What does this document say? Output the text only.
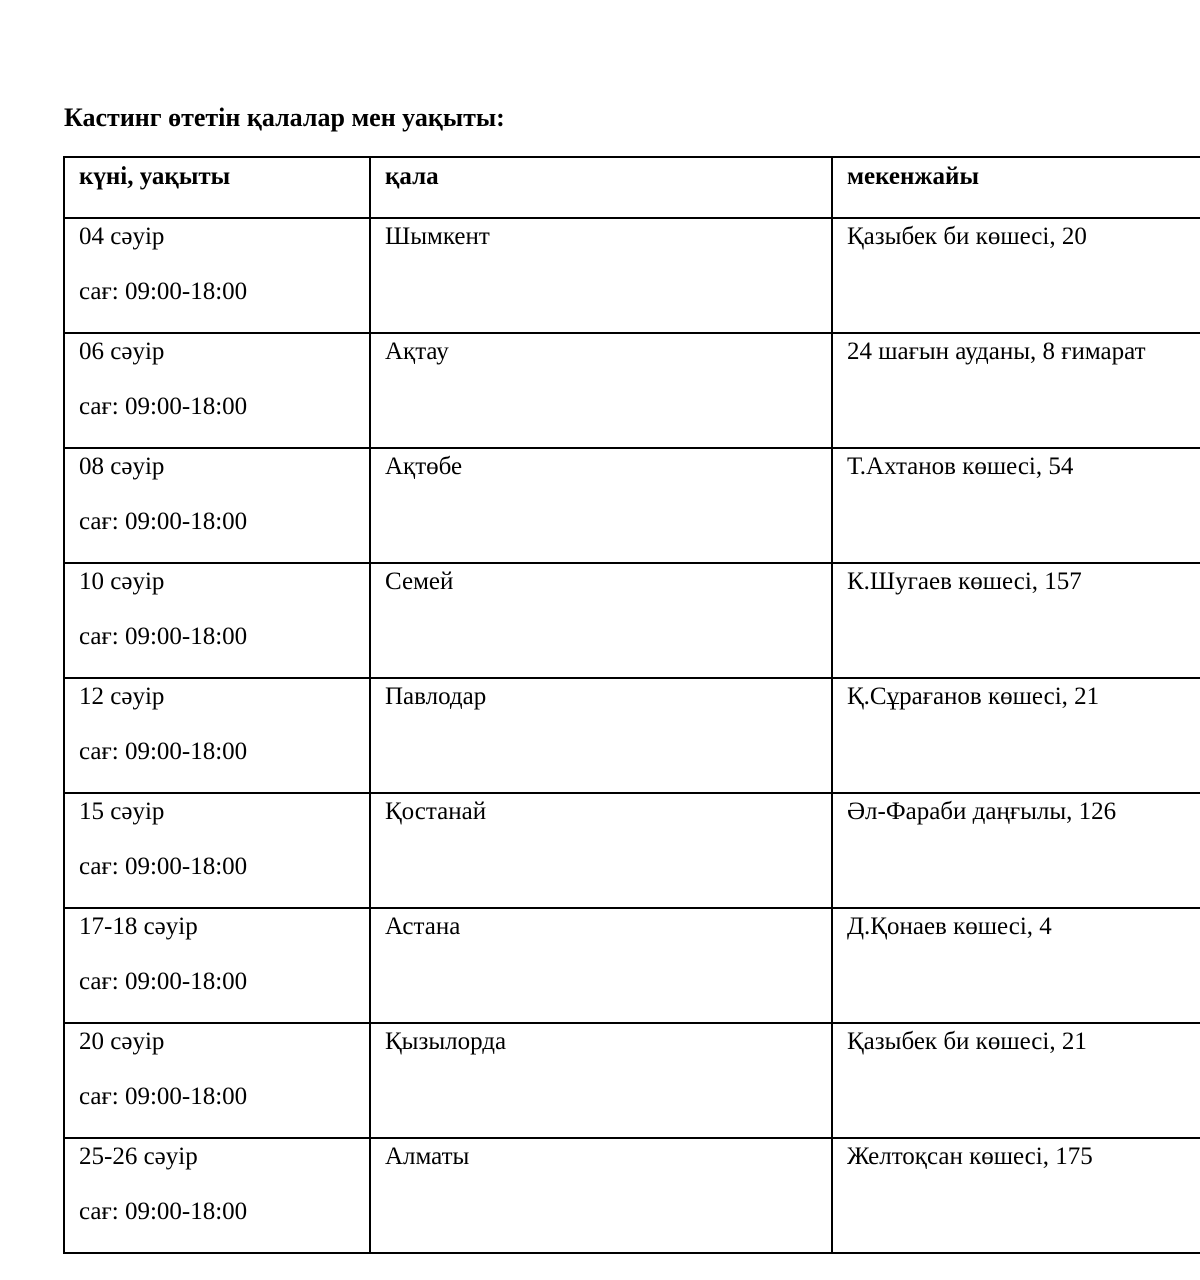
Кастинг өтетін қалалар мен уақыты:
күні, уақыты	қала	мекенжайы

04 сәуір
сағ: 09:00-18:00	Шымкент	Қазыбек би көшесі, 20

06 сәуір
сағ: 09:00-18:00	Ақтау	24 шағын ауданы, 8 ғимарат

08 сәуір
сағ: 09:00-18:00	Ақтөбе	Т.Ахтанов көшесі, 54

10 сәуір
сағ: 09:00-18:00	Семей	К.Шугаев көшесі, 157

12 сәуір
сағ: 09:00-18:00	Павлодар	Қ.Сұрағанов көшесі, 21

15 сәуір
сағ: 09:00-18:00	Қостанай	Әл-Фараби даңғылы, 126

17-18 сәуір
сағ: 09:00-18:00	Астана	Д.Қонаев көшесі, 4

20 сәуір
сағ: 09:00-18:00	Қызылорда	Қазыбек би көшесі, 21

25-26 сәуір
сағ: 09:00-18:00	Алматы	Желтоқсан көшесі, 175
